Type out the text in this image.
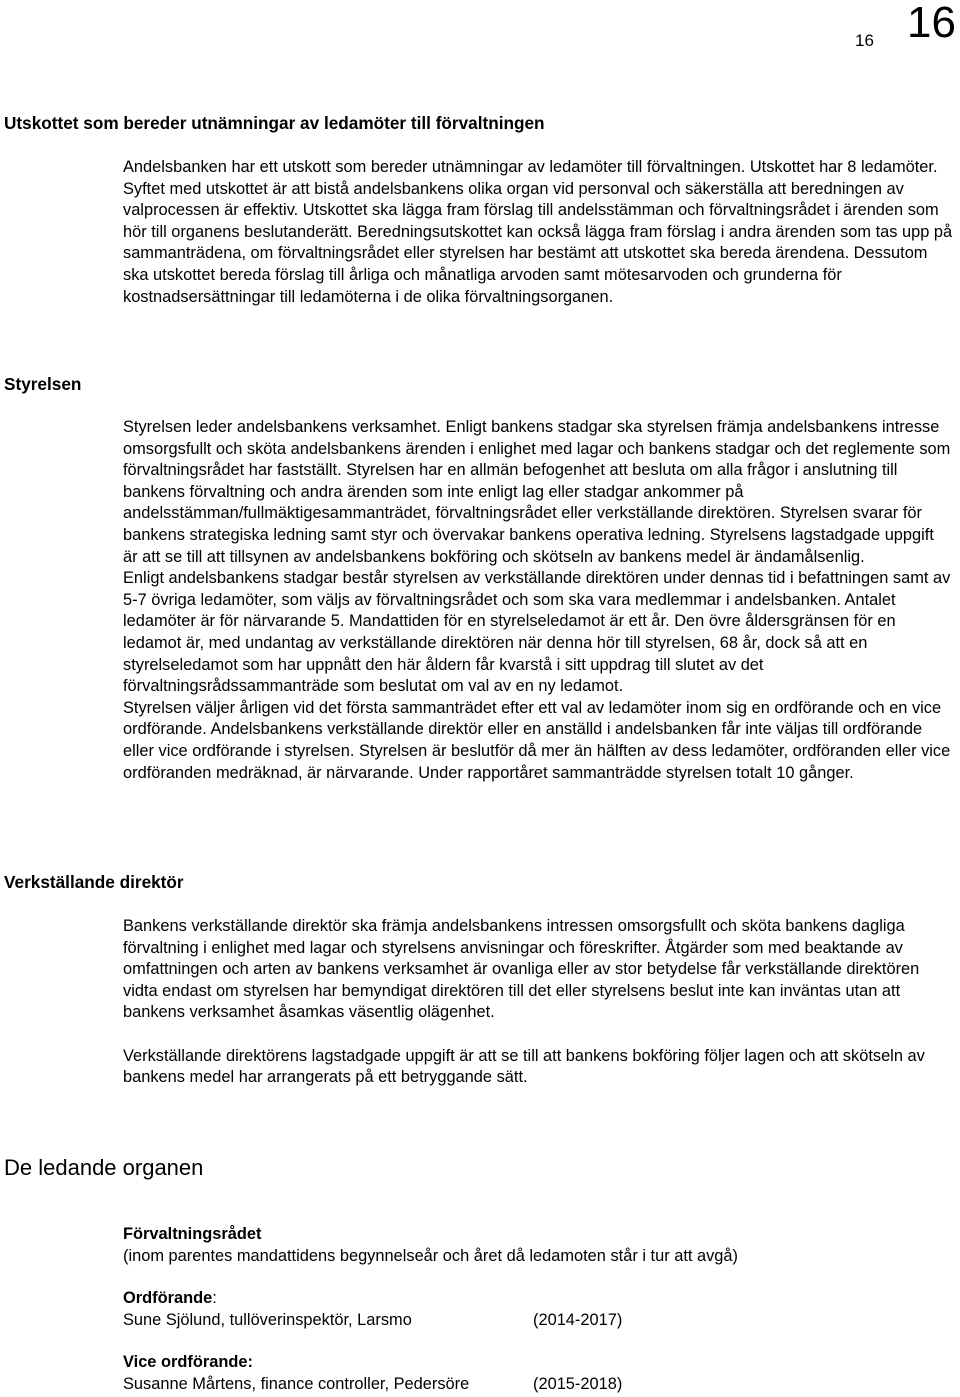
16 16
Utskottet som bereder utnämningar av ledamöter till förvaltningen

Andelsbanken har ett utskott som bereder utnämningar av ledamöter till förvaltningen. Utskottet har 8 ledamöter. Syftet med utskottet är att bistå andelsbankens olika organ vid personval och säkerställa att beredningen av valprocessen är effektiv. Utskottet ska lägga fram förslag till andelsstämman och förvaltningsrådet i ärenden som hör till organens beslutanderätt. Beredningsutskottet kan också lägga fram förslag i andra ärenden som tas upp på sammanträdena, om förvaltningsrådet eller styrelsen har bestämt att utskottet ska bereda ärendena. Dessutom ska utskottet bereda förslag till årliga och månatliga arvoden samt mötesarvoden och grunderna för kostnadsersättningar till ledamöterna i de olika förvaltningsorganen.

Styrelsen

Styrelsen leder andelsbankens verksamhet. Enligt bankens stadgar ska styrelsen främja andelsbankens intresse omsorgsfullt och sköta andelsbankens ärenden i enlighet med lagar och bankens stadgar och det reglemente som förvaltningsrådet har fastställt. Styrelsen har en allmän befogenhet att besluta om alla frågor i anslutning till bankens förvaltning och andra ärenden som inte enligt lag eller stadgar ankommer på andelsstämman/fullmäktigesammanträdet, förvaltningsrådet eller verkställande direktören. Styrelsen svarar för bankens strategiska ledning samt styr och övervakar bankens operativa ledning. Styrelsens lagstadgade uppgift är att se till att tillsynen av andelsbankens bokföring och skötseln av bankens medel är ändamålsenlig.

Enligt andelsbankens stadgar består styrelsen av verkställande direktören under dennas tid i befattningen samt av 5-7 övriga ledamöter, som väljs av förvaltningsrådet och som ska vara medlemmar i andelsbanken. Antalet ledamöter är för närvarande 5. Mandattiden för en styrelseledamot är ett år. Den övre åldersgränsen för en ledamot är, med undantag av verkställande direktören när denna hör till styrelsen, 68 år, dock så att en styrelseledamot som har uppnått den här åldern får kvarstå i sitt uppdrag till slutet av det förvaltningsrådssammanträde som beslutat om val av en ny ledamot.

Styrelsen väljer årligen vid det första sammanträdet efter ett val av ledamöter inom sig en ordförande och en vice ordförande. Andelsbankens verkställande direktör eller en anställd i andelsbanken får inte väljas till ordförande eller vice ordförande i styrelsen. Styrelsen är beslutför då mer än hälften av dess ledamöter, ordföranden eller vice ordföranden medräknad, är närvarande. Under rapportåret sammanträdde styrelsen totalt 10 gånger.

Verkställande direktör

Bankens verkställande direktör ska främja andelsbankens intressen omsorgsfullt och sköta bankens dagliga förvaltning i enlighet med lagar och styrelsens anvisningar och föreskrifter. Åtgärder som med beaktande av omfattningen och arten av bankens verksamhet är ovanliga eller av stor betydelse får verkställande direktören vidta endast om styrelsen har bemyndigat direktören till det eller styrelsens beslut inte kan inväntas utan att bankens verksamhet åsamkas väsentlig olägenhet.

Verkställande direktörens lagstadgade uppgift är att se till att bankens bokföring följer lagen och att skötseln av bankens medel har arrangerats på ett betryggande sätt.

De ledande organen

Förvaltningsrådet

(inom parentes mandattidens begynnelseår och året då ledamoten står i tur att avgå)

Ordförande:

Sune Sjölund, tullöverinspektör, Larsmo	(2014-2017)

Vice ordförande:

Susanne Mårtens, finance controller, Pedersöre	(2015-2018)
